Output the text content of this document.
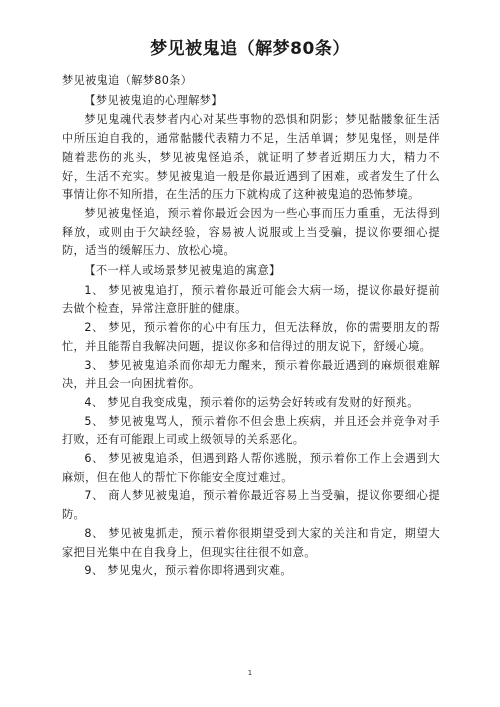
梦见被鬼追（解梦80条）

梦见被鬼追（解梦80条）

【梦见被鬼追的心理解梦】

梦见鬼魂代表梦者内心对某些事物的恐惧和阴影；梦见骷髅象征生活中所压迫自我的，通常骷髅代表精力不足，生活单调；梦见鬼怪，则是伴随着悲伤的兆头，梦见被鬼怪追杀，就证明了梦者近期压力大，精力不好，生活不充实。梦见被鬼追一般是你最近遇到了困难，或者发生了什么事情让你不知所措，在生活的压力下就构成了这种被鬼追的恐怖梦境。

梦见被鬼怪追，预示着你最近会因为一些心事而压力重重，无法得到释放，或则由于欠缺经验，容易被人说服或上当受骗，提议你要细心提防，适当的缓解压力、放松心境。

【不一样人或场景梦见被鬼追的寓意】

1、 梦见被鬼追打，预示着你最近可能会大病一场，提议你最好提前去做个检查，异常注意肝脏的健康。

2、 梦见，预示着你的心中有压力，但无法释放，你的需要朋友的帮忙，并且能帮自我解决问题，提议你多和信得过的朋友说下，舒缓心境。

3、 梦见被鬼追杀而你却无力醒来，预示着你最近遇到的麻烦很难解决，并且会一向困扰着你。

4、 梦见自我变成鬼，预示着你的运势会好转或有发财的好预兆。

5、 梦见被鬼骂人，预示着你不但会患上疾病，并且还会并竞争对手打败，还有可能跟上司或上级领导的关系恶化。

6、 梦见被鬼追杀，但遇到路人帮你逃脱，预示着你工作上会遇到大麻烦，但在他人的帮忙下你能安全度过难过。

7、 商人梦见被鬼追，预示着你最近容易上当受骗，提议你要细心提防。

8、 梦见被鬼抓走，预示着你很期望受到大家的关注和肯定，期望大家把目光集中在自我身上，但现实往往很不如意。

9、 梦见鬼火，预示着你即将遇到灾难。

1
